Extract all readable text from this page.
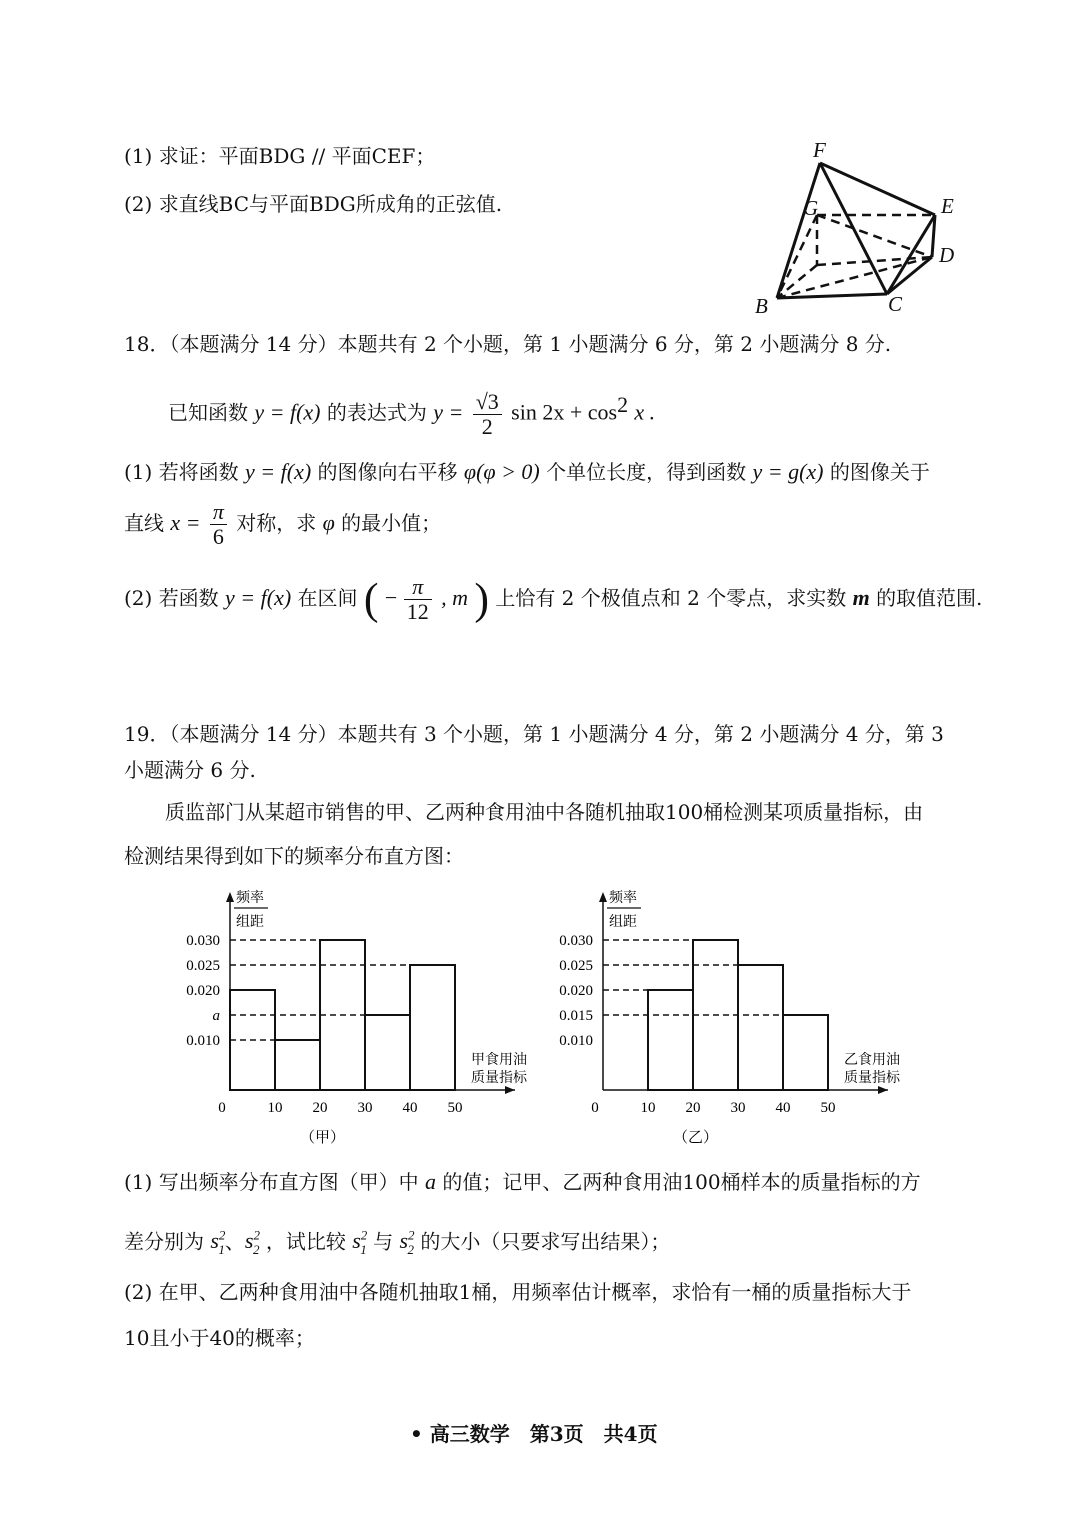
(1) 求证：平面BDG // 平面CEF；
(2) 求直线BC与平面BDG所成角的正弦值.
F
G	E
D
B	C
18．（本题满分 14 分）本题共有 2 个小题，第 1 小题满分 6 分，第 2 小题满分 8 分.
已知函数 y = f(x) 的表达式为 $y = \frac{√3}{2}$ $\sin 2x + \cos^2 x$ .
(1) 若将函数 y = f(x) 的图像向右平移 φ(φ > 0) 个单位长度，得到函数 y = g(x) 的图像关于
直线 $x = \frac{\pi}{6}$ 对称，求 φ 的最小值；
(2) 若函数 y = f(x) 在区间 ( − $\frac{\pi}{12}$ , m ) 上恰有 2 个极值点和 2 个零点，求实数 m 的取值范围.
19．（本题满分 14 分）本题共有 3 个小题，第 1 小题满分 4 分，第 2 小题满分 4 分，第 3
小题满分 6 分.
质监部门从某超市销售的甲、乙两种食用油中各随机抽取100桶检测某项质量指标，由
检测结果得到如下的频率分布直方图：
0.030
0.025
0.020
a
0.010
0	10 20 30 40 50
频率
组距
甲食用油
质量指标
（甲）
0.030
0.025
0.020
0.015
0.010
0	10 20 30 40 50
频率
组距
乙食用油
质量指标
（乙）
(1) 写出频率分布直方图（甲）中 a 的值；记甲、乙两种食用油100桶样本的质量指标的方
差分别为 $s^2_1$、$s^2_2$ ，试比较 $s^2_1$ 与 $s^2_2$ 的大小（只要求写出结果）；
(2) 在甲、乙两种食用油中各随机抽取1桶，用频率估计概率，求恰有一桶的质量指标大于
10且小于40的概率；
• 高三数学　第3页　共4页
